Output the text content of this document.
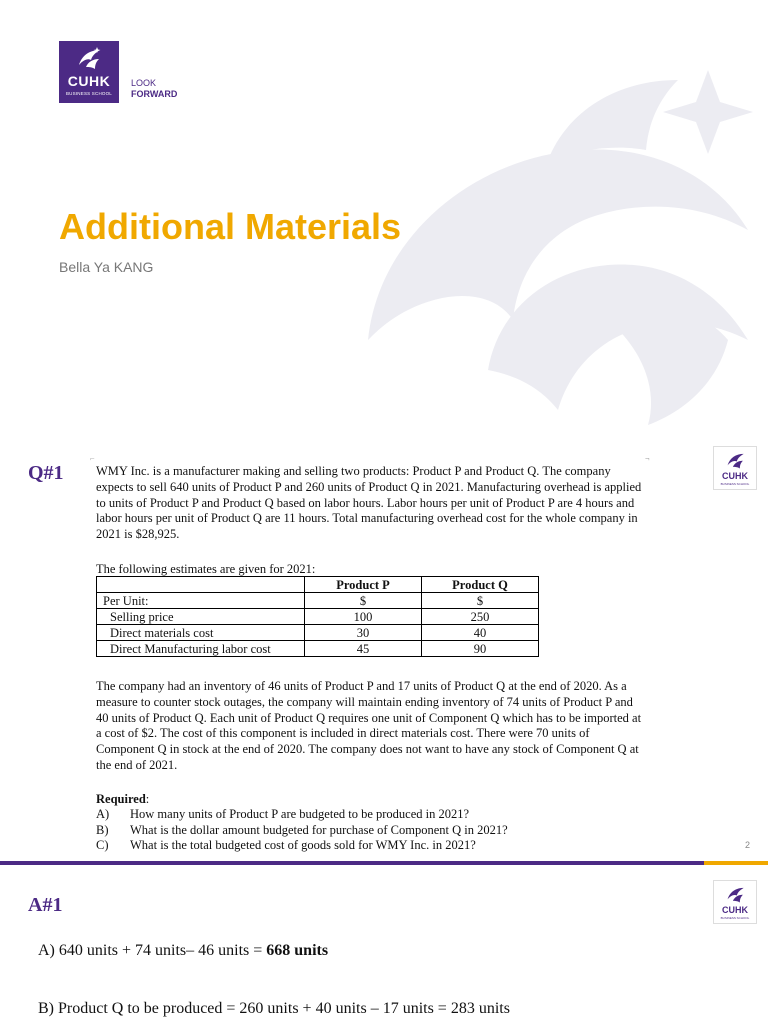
CUHK
BUSINESS SCHOOL
LOOK
FORWARD
Additional Materials
Bella Ya KANG
Q#1
⌐	¬
CUHK
BUSINESS SCHOOL

WMY Inc. is a manufacturer making and selling two products: Product P and Product Q. The company expects to sell 640 units of Product P and 260 units of Product Q in 2021. Manufacturing overhead is applied to units of Product P and Product Q based on labor hours. Labor hours per unit of Product P are 4 hours and labor hours per unit of Product Q are 11 hours. Total manufacturing overhead cost for the whole company in 2021 is $28,925.

The following estimates are given for 2021:

	Product P	Product Q
Per Unit:	$	$
Selling price	100	250
Direct materials cost	30	40
Direct Manufacturing labor cost	45	90

The company had an inventory of 46 units of Product P and 17 units of Product Q at the end of 2020. As a measure to counter stock outages, the company will maintain ending inventory of 74 units of Product P and 40 units of Product Q. Each unit of Product Q requires one unit of Component Q which has to be imported at a cost of $2. The cost of this component is included in direct materials cost. There were 70 units of Component Q in stock at the end of 2020. The company does not want to have any stock of Component Q at the end of 2021.

Required:
A) How many units of Product P are budgeted to be produced in 2021?
B) What is the dollar amount budgeted for purchase of Component Q in 2021?
C) What is the total budgeted cost of goods sold for WMY Inc. in 2021?	2
A#1	CUHK
BUSINESS SCHOOL
A) 640 units + 74 units– 46 units = 668 units
B) Product Q to be produced = 260 units + 40 units – 17 units = 283 units
